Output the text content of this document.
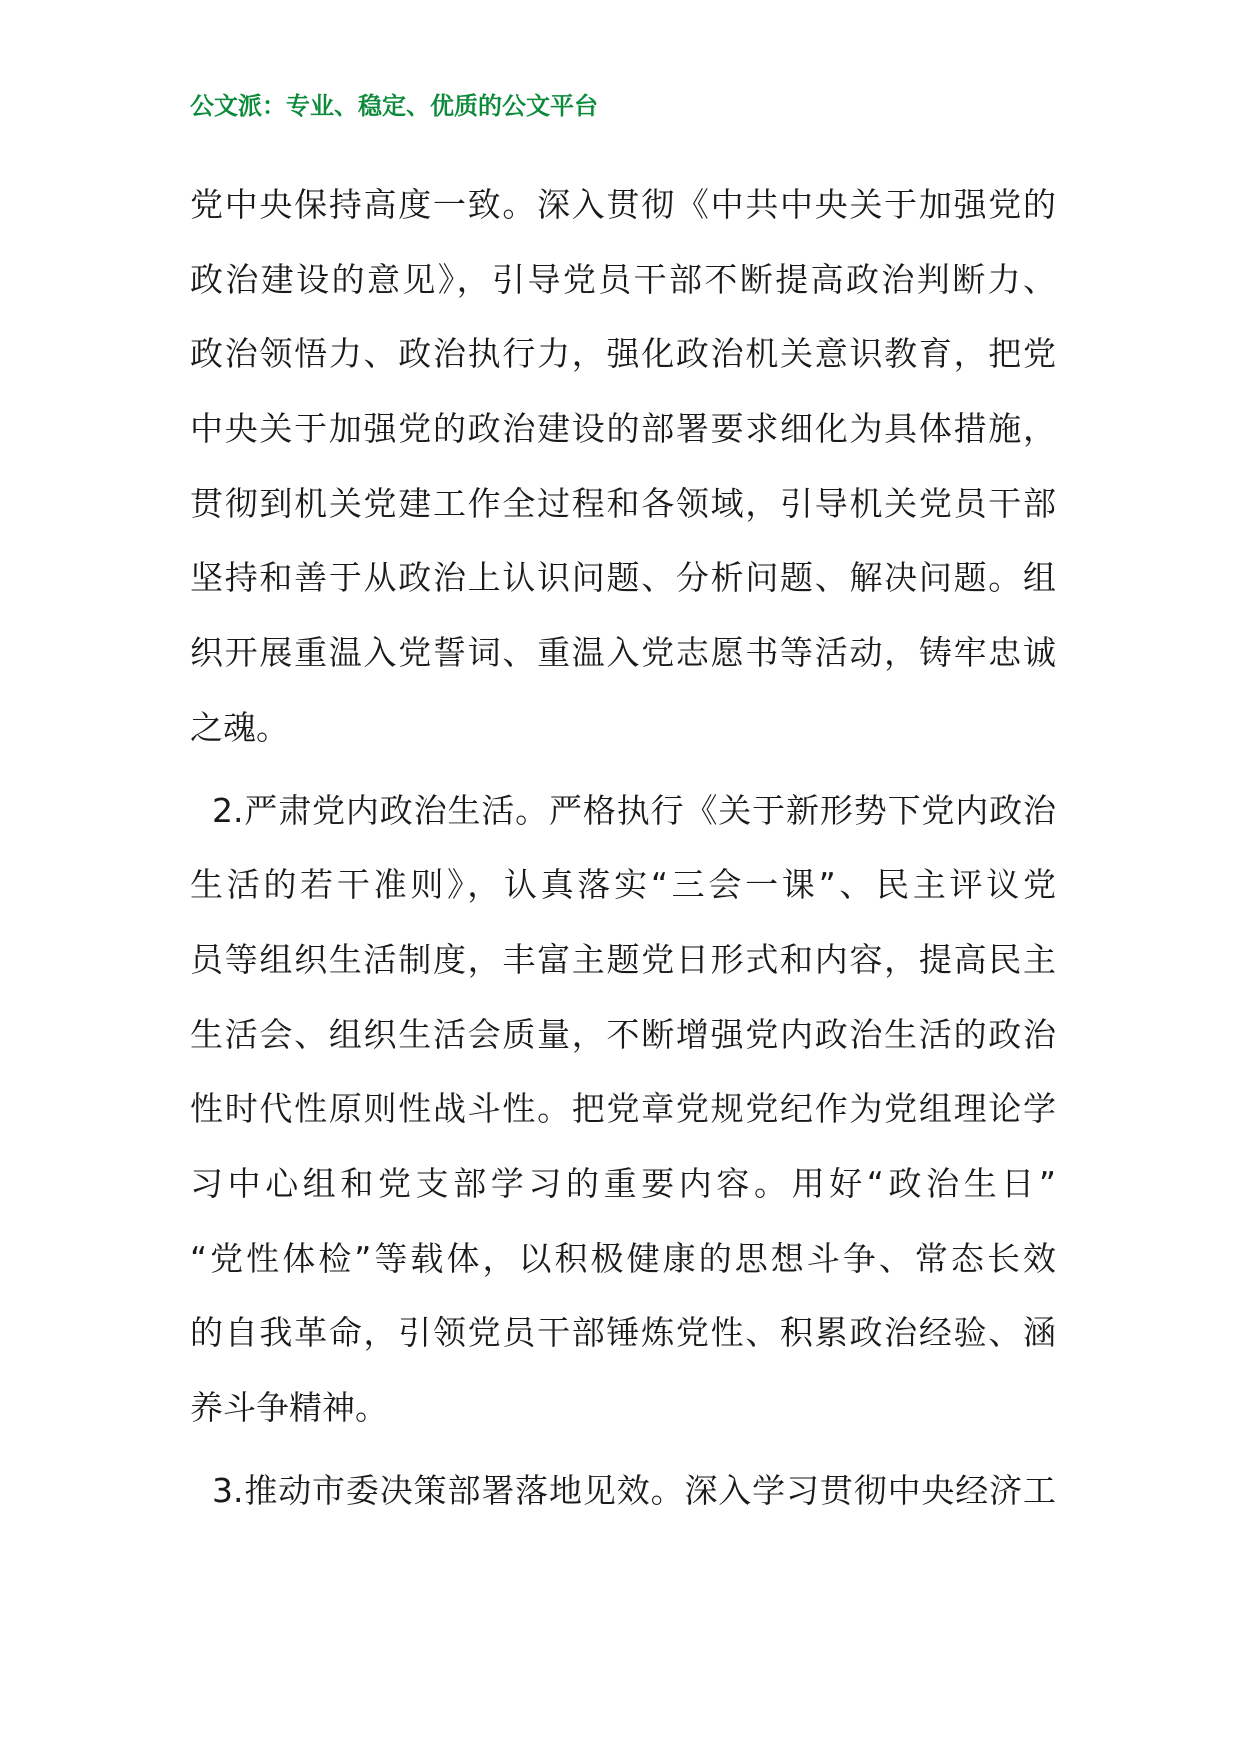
公文派：专业、稳定、优质的公文平台
党中央保持高度一致。深入贯彻《中共中央关于加强党的
政治建设的意见》，引导党员干部不断提高政治判断力、
政治领悟力、政治执行力，强化政治机关意识教育，把党
中央关于加强党的政治建设的部署要求细化为具体措施，
贯彻到机关党建工作全过程和各领域，引导机关党员干部
坚持和善于从政治上认识问题、分析问题、解决问题。组
织开展重温入党誓词、重温入党志愿书等活动，铸牢忠诚
之魂。
2.严肃党内政治生活。严格执行《关于新形势下党内政治
生活的若干准则》，认真落实“三会一课”、民主评议党
员等组织生活制度，丰富主题党日形式和内容，提高民主
生活会、组织生活会质量，不断增强党内政治生活的政治
性时代性原则性战斗性。把党章党规党纪作为党组理论学
习中心组和党支部学习的重要内容。用好“政治生日”
“党性体检”等载体，以积极健康的思想斗争、常态长效
的自我革命，引领党员干部锤炼党性、积累政治经验、涵
养斗争精神。
3.推动市委决策部署落地见效。深入学习贯彻中央经济工
